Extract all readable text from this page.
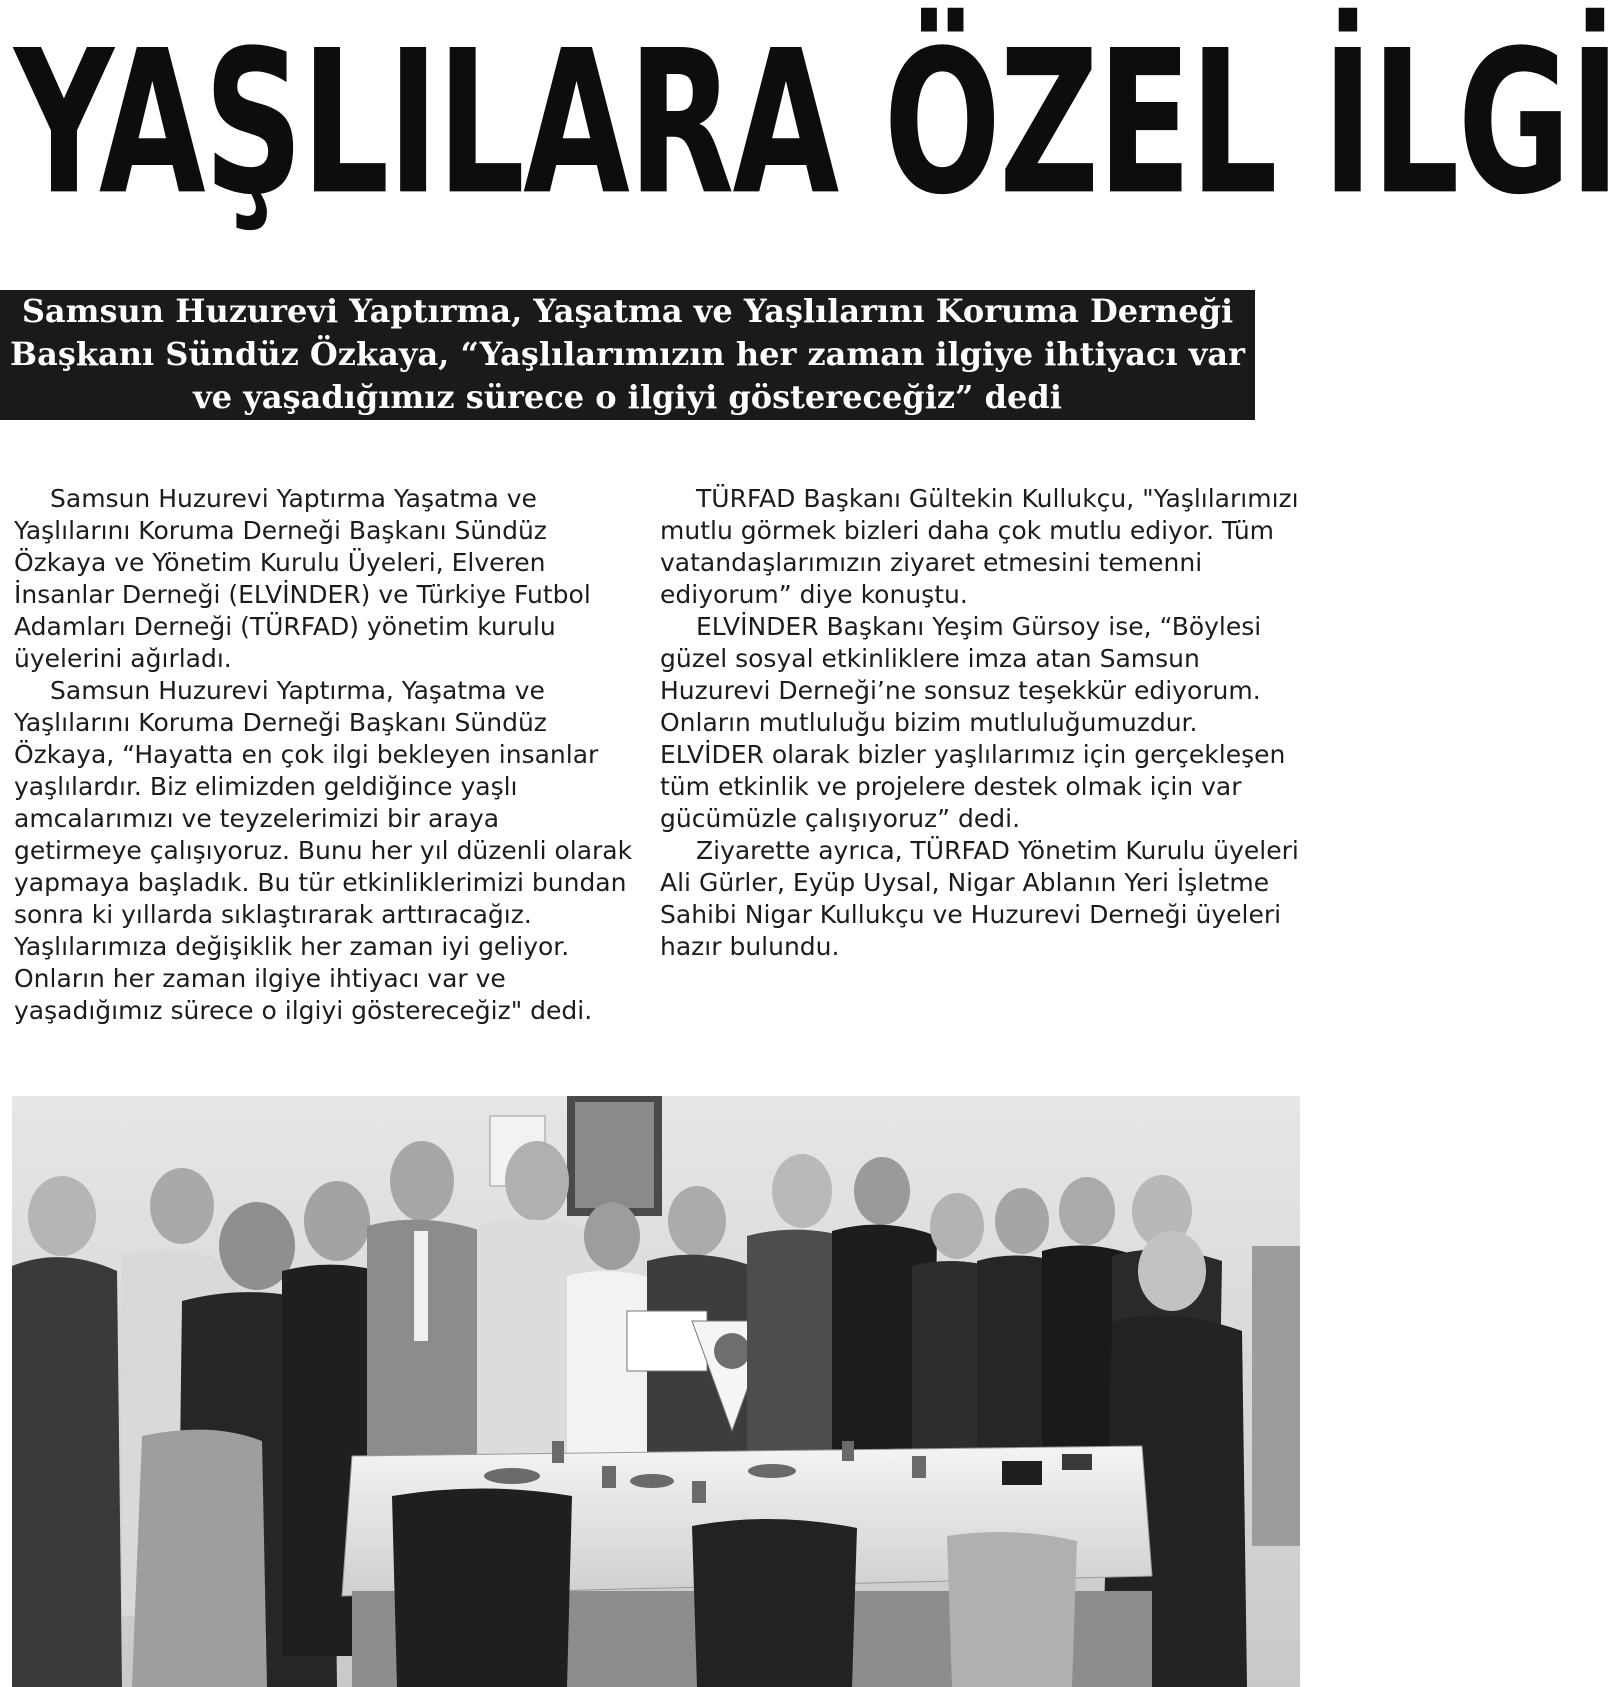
YAŞLILARA ÖZEL İLGİ
Samsun Huzurevi Yaptırma, Yaşatma ve Yaşlılarını Koruma Derneği Başkanı Sündüz Özkaya, “Yaşlılarımızın her zaman ilgiye ihtiyacı var ve yaşadığımız sürece o ilgiyi göstereceğiz” dedi

Samsun Huzurevi Yaptırma Yaşatma ve Yaşlılarını Koruma Derneği Başkanı Sündüz Özkaya ve Yönetim Kurulu Üyeleri, Elveren İnsanlar Derneği (ELVİNDER) ve Türkiye Futbol Adamları Derneği (TÜRFAD) yönetim kurulu üyelerini ağırladı.

Samsun Huzurevi Yaptırma, Yaşatma ve Yaşlılarını Koruma Derneği Başkanı Sündüz Özkaya, “Hayatta en çok ilgi bekleyen insanlar yaşlılardır. Biz elimizden geldiğince yaşlı amcalarımızı ve teyzelerimizi bir araya getirmeye çalışıyoruz. Bunu her yıl düzenli olarak yapmaya başladık. Bu tür etkinliklerimizi bundan sonra ki yıllarda sıklaştırarak arttıracağız. Yaşlılarımıza değişiklik her zaman iyi geliyor. Onların her zaman ilgiye ihtiyacı var ve yaşadığımız sürece o ilgiyi göstereceğiz" dedi.

TÜRFAD Başkanı Gültekin Kullukçu, "Yaşlılarımızı mutlu görmek bizleri daha çok mutlu ediyor. Tüm vatandaşlarımızın ziyaret etmesini temenni ediyorum” diye konuştu.

ELVİNDER Başkanı Yeşim Gürsoy ise, “Böylesi güzel sosyal etkinliklere imza atan Samsun Huzurevi Derneği’ne sonsuz teşekkür ediyorum. Onların mutluluğu bizim mutluluğumuzdur. ELVİDER olarak bizler yaşlılarımız için gerçekleşen tüm etkinlik ve projelere destek olmak için var gücümüzle çalışıyoruz” dedi.

Ziyarette ayrıca, TÜRFAD Yönetim Kurulu üyeleri Ali Gürler, Eyüp Uysal, Nigar Ablanın Yeri İşletme Sahibi Nigar Kullukçu ve Huzurevi Derneği üyeleri hazır bulundu.
